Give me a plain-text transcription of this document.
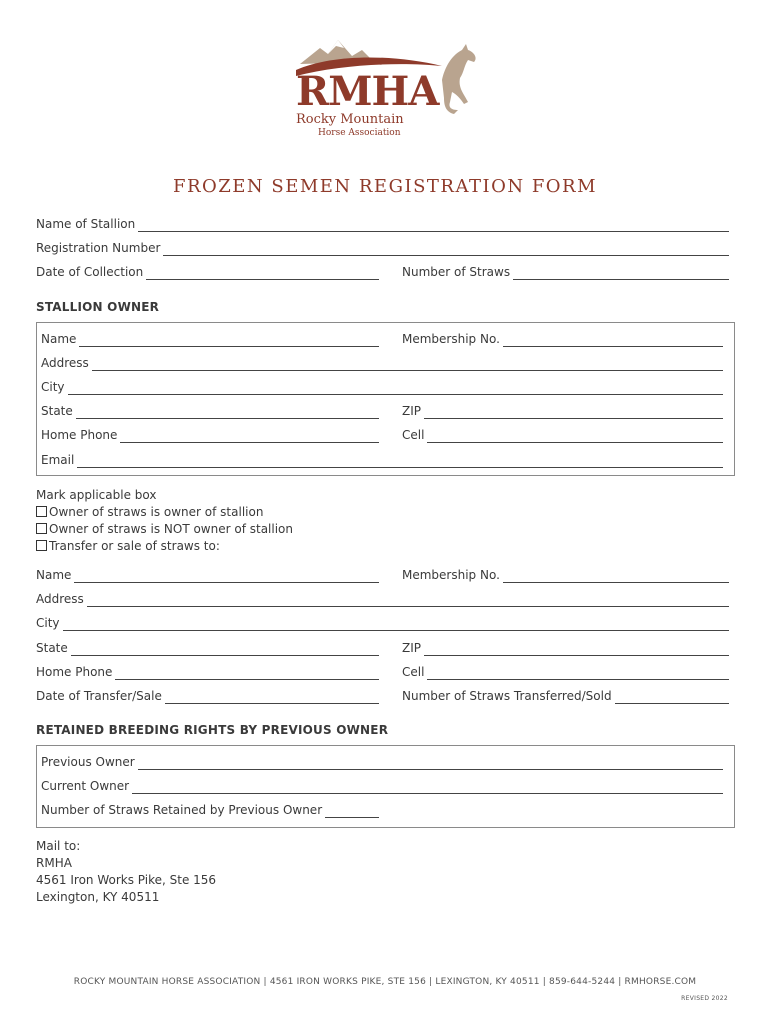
RMHA
Rocky Mountain
Horse Association
FROZEN SEMEN REGISTRATION FORM
Name of Stallion
Registration Number
Date of Collection	Number of Straws
STALLION OWNER
Name	Membership No.
Address
City
State	ZIP
Home Phone	Cell
Email
Mark applicable box
Owner of straws is owner of stallion
Owner of straws is NOT owner of stallion
Transfer or sale of straws to:
Name	Membership No.
Address
City
State	ZIP
Home Phone	Cell
Date of Transfer/Sale	Number of Straws Transferred/Sold
RETAINED BREEDING RIGHTS BY PREVIOUS OWNER
Previous Owner
Current Owner
Number of Straws Retained by Previous Owner
Mail to:
RMHA
4561 Iron Works Pike, Ste 156
Lexington, KY 40511
ROCKY MOUNTAIN HORSE ASSOCIATION | 4561 IRON WORKS PIKE, STE 156 | LEXINGTON, KY 40511 | 859-644-5244 | RMHORSE.COM
REVISED 2022
